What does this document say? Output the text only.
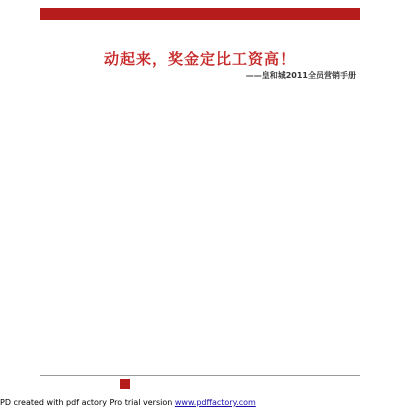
动起来，奖金定比工资高！
——皇和城2011全员营销手册
PD created with pdf actory Pro trial version www.pdffactory.com
